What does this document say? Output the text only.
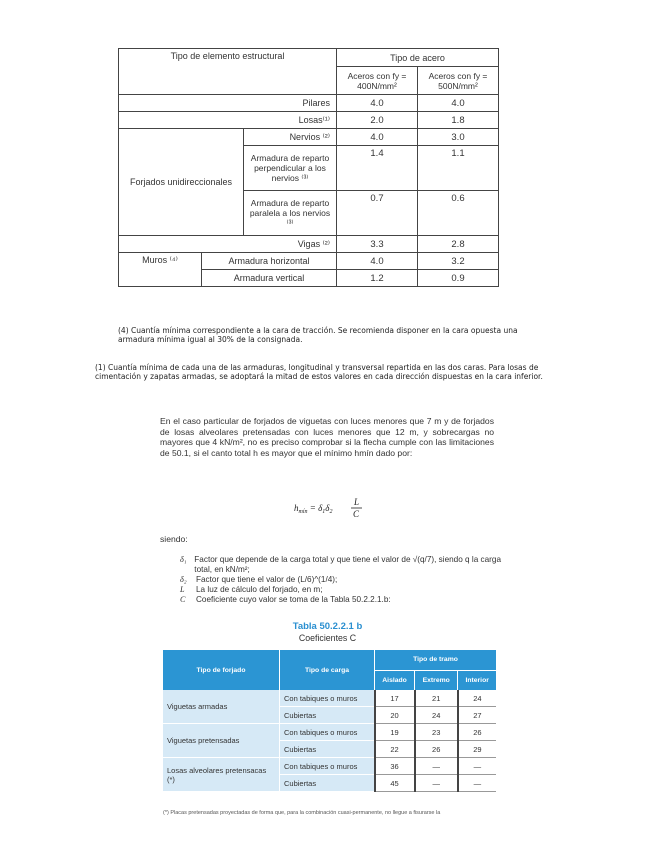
Tipo de elemento estructural			Tipo de acero	
			Aceros con fy = 400N/mm²	Aceros con fy = 500N/mm²
Pilares			4.0	4.0
Losas⁽¹⁾			2.0	1.8
Forjados unidireccionales		Nervios ⁽²⁾	4.0	3.0
		Armadura de reparto perpendicular a los nervios ⁽³⁾	1.4	1.1
		Armadura de reparto paralela a los nervios ⁽³⁾	0.7	0.6
Vigas ⁽²⁾			3.3	2.8
Muros ⁽⁴⁾	Armadura horizontal		4.0	3.2
	Armadura vertical		1.2	0.9
(4) Cuantía mínima correspondiente a la cara de tracción. Se recomienda disponer en la cara opuesta una armadura mínima igual al 30% de la consignada.
(1) Cuantía mínima de cada una de las armaduras, longitudinal y transversal repartida en las dos caras. Para losas de cimentación y zapatas armadas, se adoptará la mitad de estos valores en cada dirección dispuestas en la cara inferior.
En el caso particular de forjados de viguetas con luces menores que 7 m y de forjados de losas alveolares pretensadas con luces menores que 12 m, y sobrecargas no mayores que 4 kN/m², no es preciso comprobar si la flecha cumple con las limitaciones de 50.1, si el canto total h es mayor que el mínimo hmín dado por:
$h_{mín} = \delta_1\delta_2$
L
C
siendo:
δ₁ Factor que depende de la carga total y que tiene el valor de √(q/7), siendo q la carga total, en kN/m²;
δ₂	Factor que tiene el valor de (L/6)^(1/4);
L	La luz de cálculo del forjado, en m;
C	Coeficiente cuyo valor se toma de la Tabla 50.2.2.1.b:
Tabla 50.2.2.1 b
Coeficientes C
Tipo de forjado	Tipo de carga	Tipo de tramo		
		Aislado	Extremo	Interior
Viguetas armadas	Con tabiques o muros	17	21	24
	Cubiertas	20	24	27
Viguetas pretensadas	Con tabiques o muros	19	23	26
	Cubiertas	22	26	29
Losas alveolares pretensacas (*)	Con tabiques o muros	36	—	—
	Cubiertas	45	—	—
(*) Placas pretensadas proyectadas de forma que, para la combinación cuasi-permanente, no llegue a fisurarse la
